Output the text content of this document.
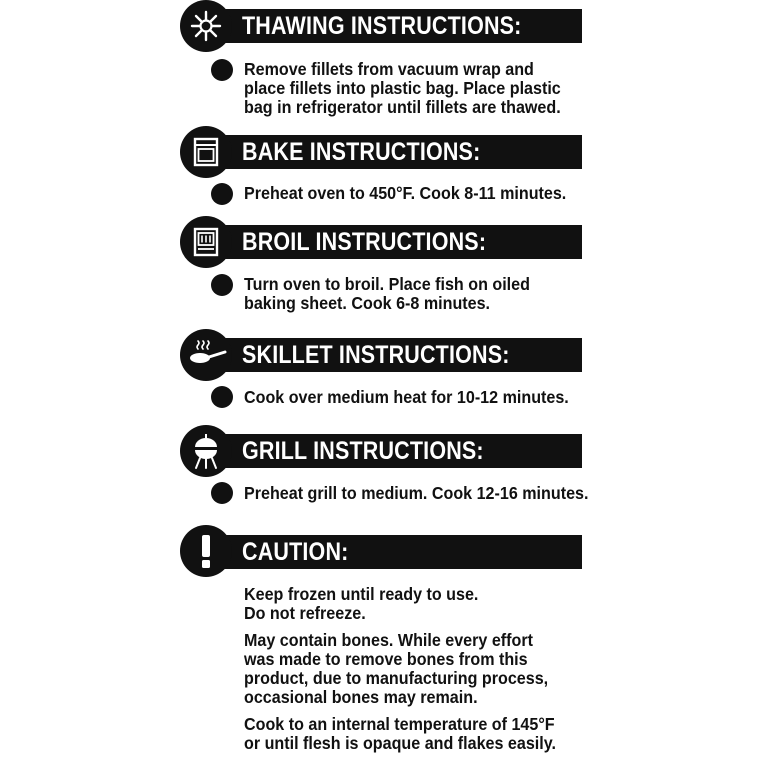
THAWING INSTRUCTIONS:
Remove fillets from vacuum wrap and
place fillets into plastic bag. Place plastic
bag in refrigerator until fillets are thawed.
BAKE INSTRUCTIONS:
Preheat oven to 450°F. Cook 8-11 minutes.
BROIL INSTRUCTIONS:
Turn oven to broil. Place fish on oiled
baking sheet. Cook 6-8 minutes.
SKILLET INSTRUCTIONS:
Cook over medium heat for 10-12 minutes.
GRILL INSTRUCTIONS:
Preheat grill to medium. Cook 12-16 minutes.
CAUTION:
Keep frozen until ready to use.
Do not refreeze.
May contain bones. While every effort
was made to remove bones from this
product, due to manufacturing process,
occasional bones may remain.
Cook to an internal temperature of 145°F
or until flesh is opaque and flakes easily.
